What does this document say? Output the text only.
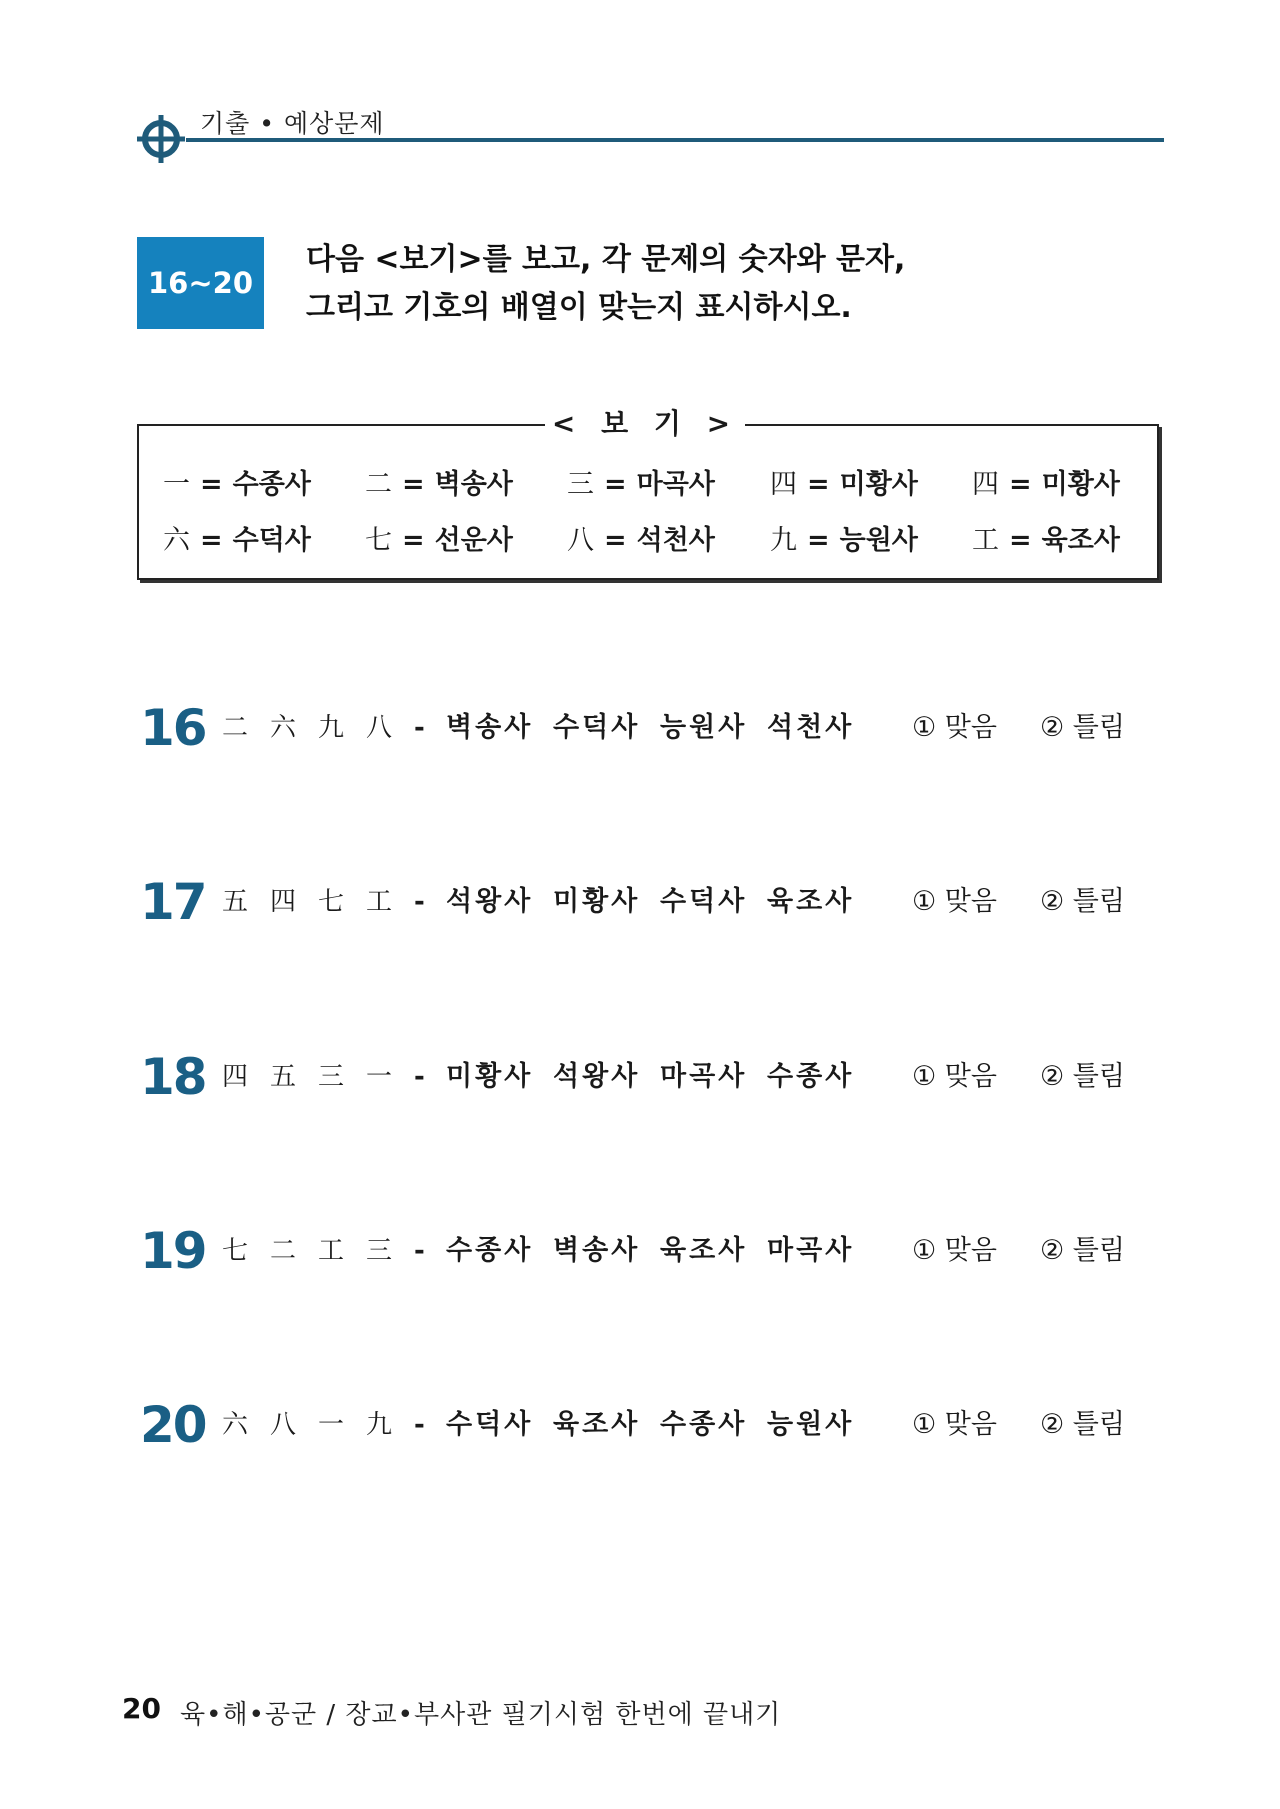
기출 • 예상문제
16~20
다음 <보기>를 보고, 각 문제의 숫자와 문자,
그리고 기호의 배열이 맞는지 표시하시오.
< 보 기 >
一 = 수종사 二 = 벽송사 三 = 마곡사 四 = 미황사 四 = 미황사
六 = 수덕사 七 = 선운사 八 = 석천사 九 = 능원사 工 = 육조사
16 二 六 九 八 - 벽송사 수덕사 능원사 석천사 ① 맞음 ② 틀림
17 五 四 七 工 - 석왕사 미황사 수덕사 육조사 ① 맞음 ② 틀림
18 四 五 三 一 - 미황사 석왕사 마곡사 수종사 ① 맞음 ② 틀림
19 七 二 工 三 - 수종사 벽송사 육조사 마곡사 ① 맞음 ② 틀림
20 六 八 一 九 - 수덕사 육조사 수종사 능원사 ① 맞음 ② 틀림
20 육•해•공군 / 장교•부사관 필기시험 한번에 끝내기
